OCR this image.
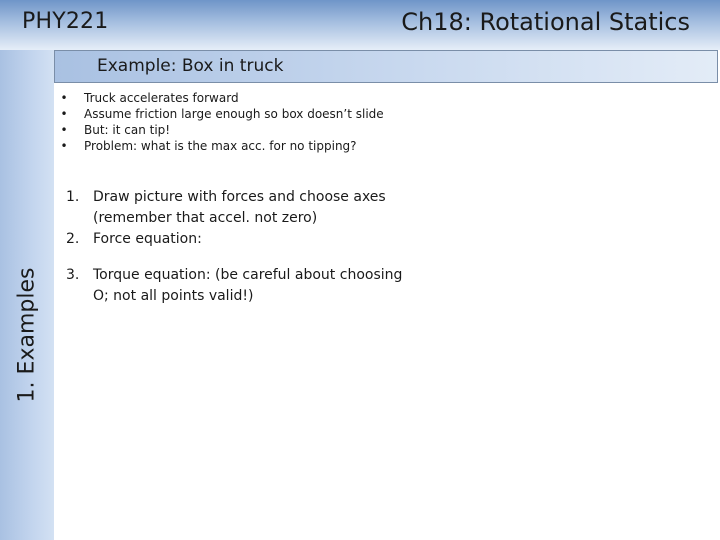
PHY221	Ch18: Rotational Statics
1. Examples
Example: Box in truck
• Truck accelerates forward
• Assume friction large enough so box doesn’t slide
• But: it can tip!
• Problem: what is the max acc. for no tipping?
1. Draw picture with forces and choose axes
(remember that accel. not zero)
2. Force equation:
3. Torque equation: (be careful about choosing
O; not all points valid!)
